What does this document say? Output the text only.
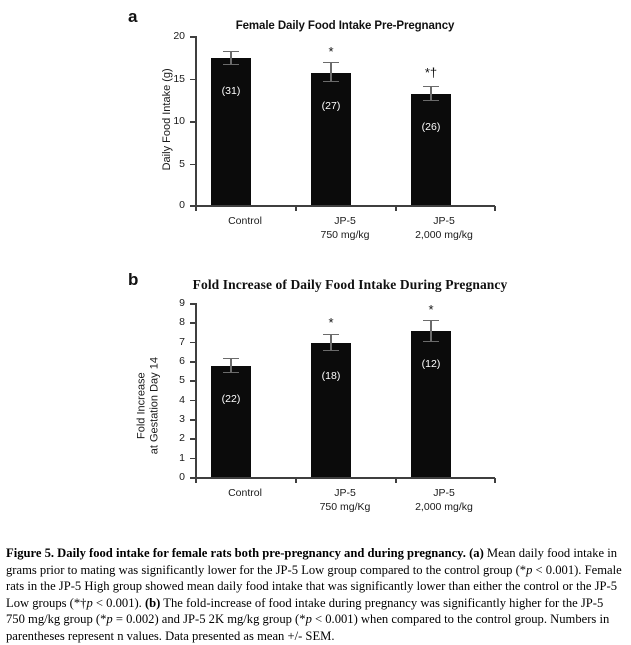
a	Female Daily Food Intake Pre-Pregnancy
Daily Food Intake (g)
20
15
10
5
0
(31)
(27)
*
(26)
*†
Control	JP-5
750 mg/kg
JP-5
2,000 mg/kg
b	Fold Increase of Daily Food Intake During Pregnancy
Fold Increase at Gestation Day 14
9
8
7
6
5
4
3
2
1
0
(22)
(18)
*
(12)
*
Control	JP-5
750 mg/Kg
JP-5
2,000 mg/kg
Figure 5. Daily food intake for female rats both pre-pregnancy and during pregnancy. (a) Mean daily food intake in grams prior to mating was significantly lower for the JP-5 Low group compared to the control group (*p < 0.001). Female rats in the JP-5 High group showed mean daily food intake that was significantly lower than either the control or the JP-5 Low groups (*†p < 0.001). (b) The fold-increase of food intake during pregnancy was significantly higher for the JP-5 750 mg/kg group (*p = 0.002) and JP-5 2K mg/kg group (*p < 0.001) when compared to the control group. Numbers in parentheses represent n values. Data presented as mean +/- SEM.
